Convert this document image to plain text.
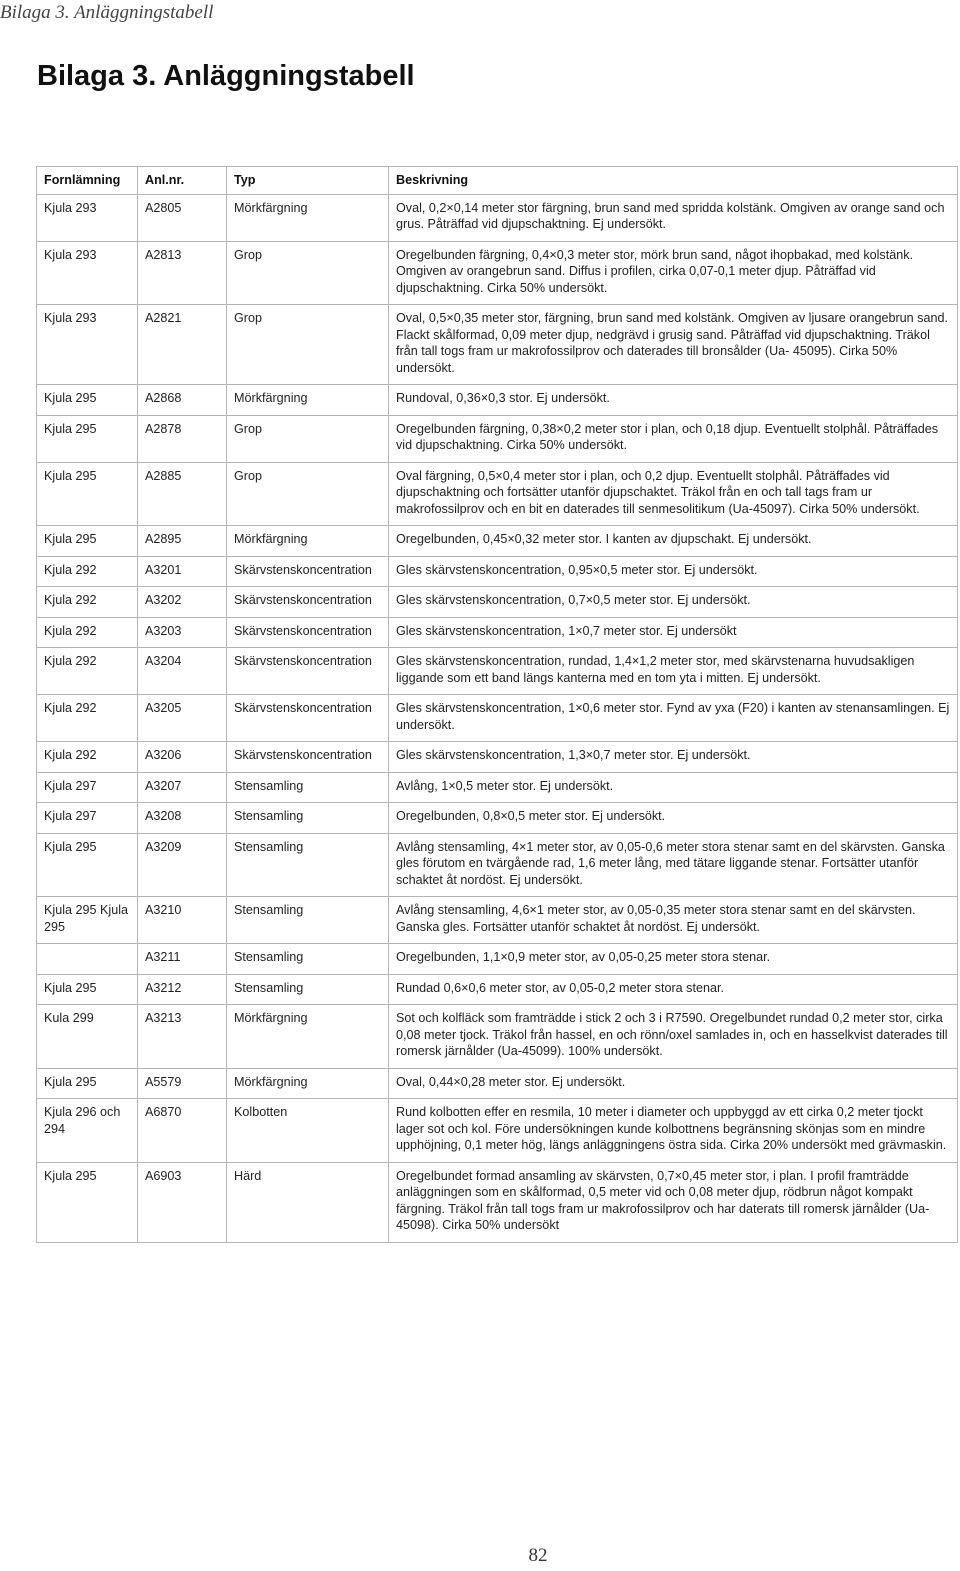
Bilaga 3. Anläggningstabell
Bilaga 3. Anläggningstabell
Fornlämning	Anl.nr.	Typ	Beskrivning
Kjula 293	A2805	Mörkfärgning	Oval, 0,2×0,14 meter stor färgning, brun sand med spridda kolstänk. Omgiven av orange sand och grus. Påträffad vid djupschaktning. Ej undersökt.
Kjula 293	A2813	Grop	Oregelbunden färgning, 0,4×0,3 meter stor, mörk brun sand, något ihopbakad, med kolstänk. Omgiven av orangebrun sand. Diffus i profilen, cirka 0,07-0,1 meter djup. Påträffad vid djupschaktning. Cirka 50% undersökt.
Kjula 293	A2821	Grop	Oval, 0,5×0,35 meter stor, färgning, brun sand med kolstänk. Omgiven av ljusare orangebrun sand. Flackt skålformad, 0,09 meter djup, nedgrävd i grusig sand. Påträffad vid djupschaktning. Träkol från tall togs fram ur makrofossilprov och daterades till bronsålder (Ua- 45095). Cirka 50% undersökt.
Kjula 295	A2868	Mörkfärgning	Rundoval, 0,36×0,3 stor. Ej undersökt.
Kjula 295	A2878	Grop	Oregelbunden färgning, 0,38×0,2 meter stor i plan, och 0,18 djup. Eventuellt stolphål. Påträffades vid djupschaktning. Cirka 50% undersökt.
Kjula 295	A2885	Grop	Oval färgning, 0,5×0,4 meter stor i plan, och 0,2 djup. Eventuellt stolphål. Påträffades vid djupschaktning och fortsätter utanför djupschaktet. Träkol från en och tall tags fram ur makrofossilprov och en bit en daterades till senmesolitikum (Ua-45097). Cirka 50% undersökt.
Kjula 295	A2895	Mörkfärgning	Oregelbunden, 0,45×0,32 meter stor. I kanten av djupschakt. Ej undersökt.
Kjula 292	A3201	Skärvstenskoncentration	Gles skärvstenskoncentration, 0,95×0,5 meter stor. Ej undersökt.
Kjula 292	A3202	Skärvstenskoncentration	Gles skärvstenskoncentration, 0,7×0,5 meter stor. Ej undersökt.
Kjula 292	A3203	Skärvstenskoncentration	Gles skärvstenskoncentration, 1×0,7 meter stor. Ej undersökt
Kjula 292	A3204	Skärvstenskoncentration	Gles skärvstenskoncentration, rundad, 1,4×1,2 meter stor, med skärvstenarna huvudsakligen liggande som ett band längs kanterna med en tom yta i mitten. Ej undersökt.
Kjula 292	A3205	Skärvstenskoncentration	Gles skärvstenskoncentration, 1×0,6 meter stor. Fynd av yxa (F20) i kanten av stenansamlingen. Ej undersökt.
Kjula 292	A3206	Skärvstenskoncentration	Gles skärvstenskoncentration, 1,3×0,7 meter stor. Ej undersökt.
Kjula 297	A3207	Stensamling	Avlång, 1×0,5 meter stor. Ej undersökt.
Kjula 297	A3208	Stensamling	Oregelbunden, 0,8×0,5 meter stor. Ej undersökt.
Kjula 295	A3209	Stensamling	Avlång stensamling, 4×1 meter stor, av 0,05-0,6 meter stora stenar samt en del skärvsten. Ganska gles förutom en tvärgående rad, 1,6 meter lång, med tätare liggande stenar. Fortsätter utanför schaktet åt nordöst. Ej undersökt.
Kjula 295 Kjula 295	A3210	Stensamling	Avlång stensamling, 4,6×1 meter stor, av 0,05-0,35 meter stora stenar samt en del skärvsten. Ganska gles. Fortsätter utanför schaktet åt nordöst. Ej undersökt.
	A3211	Stensamling	Oregelbunden, 1,1×0,9 meter stor, av 0,05-0,25 meter stora stenar.
Kjula 295	A3212	Stensamling	Rundad 0,6×0,6 meter stor, av 0,05-0,2 meter stora stenar.
Kula 299	A3213	Mörkfärgning	Sot och kolfläck som framträdde i stick 2 och 3 i R7590. Oregelbundet rundad 0,2 meter stor, cirka 0,08 meter tjock. Träkol från hassel, en och rönn/oxel samlades in, och en hasselkvist daterades till romersk järnålder (Ua-45099). 100% undersökt.
Kjula 295	A5579	Mörkfärgning	Oval, 0,44×0,28 meter stor. Ej undersökt.
Kjula 296 och 294	A6870	Kolbotten	Rund kolbotten effer en resmila, 10 meter i diameter och uppbyggd av ett cirka 0,2 meter tjockt lager sot och kol. Före undersökningen kunde kolbottnens begränsning skönjas som en mindre upphöjning, 0,1 meter hög, längs anläggningens östra sida. Cirka 20% undersökt med grävmaskin.
Kjula 295	A6903	Härd	Oregelbundet formad ansamling av skärvsten, 0,7×0,45 meter stor, i plan. I profil framträdde anläggningen som en skålformad, 0,5 meter vid och 0,08 meter djup, rödbrun något kompakt färgning. Träkol från tall togs fram ur makrofossilprov och har daterats till romersk järnålder (Ua-45098). Cirka 50% undersökt
82
